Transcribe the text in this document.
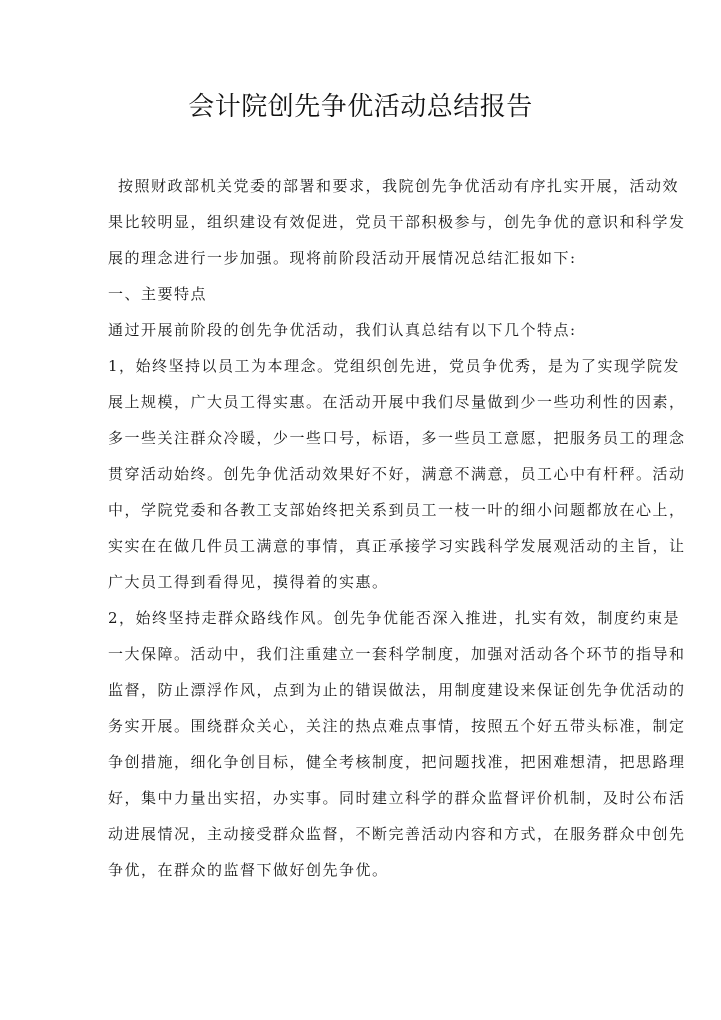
会计院创先争优活动总结报告
按照财政部机关党委的部署和要求，我院创先争优活动有序扎实开展，活动效
果比较明显，组织建设有效促进，党员干部积极参与，创先争优的意识和科学发
展的理念进行一步加强。现将前阶段活动开展情况总结汇报如下:
一、主要特点
通过开展前阶段的创先争优活动，我们认真总结有以下几个特点:
1，始终坚持以员工为本理念。党组织创先进，党员争优秀，是为了实现学院发
展上规模，广大员工得实惠。在活动开展中我们尽量做到少一些功利性的因素，
多一些关注群众冷暖，少一些口号，标语，多一些员工意愿，把服务员工的理念
贯穿活动始终。创先争优活动效果好不好，满意不满意，员工心中有杆秤。活动
中，学院党委和各教工支部始终把关系到员工一枝一叶的细小问题都放在心上，
实实在在做几件员工满意的事情，真正承接学习实践科学发展观活动的主旨，让
广大员工得到看得见，摸得着的实惠。
2，始终坚持走群众路线作风。创先争优能否深入推进，扎实有效，制度约束是
一大保障。活动中，我们注重建立一套科学制度，加强对活动各个环节的指导和
监督，防止漂浮作风，点到为止的错误做法，用制度建设来保证创先争优活动的
务实开展。围绕群众关心，关注的热点难点事情，按照五个好五带头标准，制定
争创措施，细化争创目标，健全考核制度，把问题找准，把困难想清，把思路理
好，集中力量出实招，办实事。同时建立科学的群众监督评价机制，及时公布活
动进展情况，主动接受群众监督，不断完善活动内容和方式，在服务群众中创先
争优，在群众的监督下做好创先争优。
